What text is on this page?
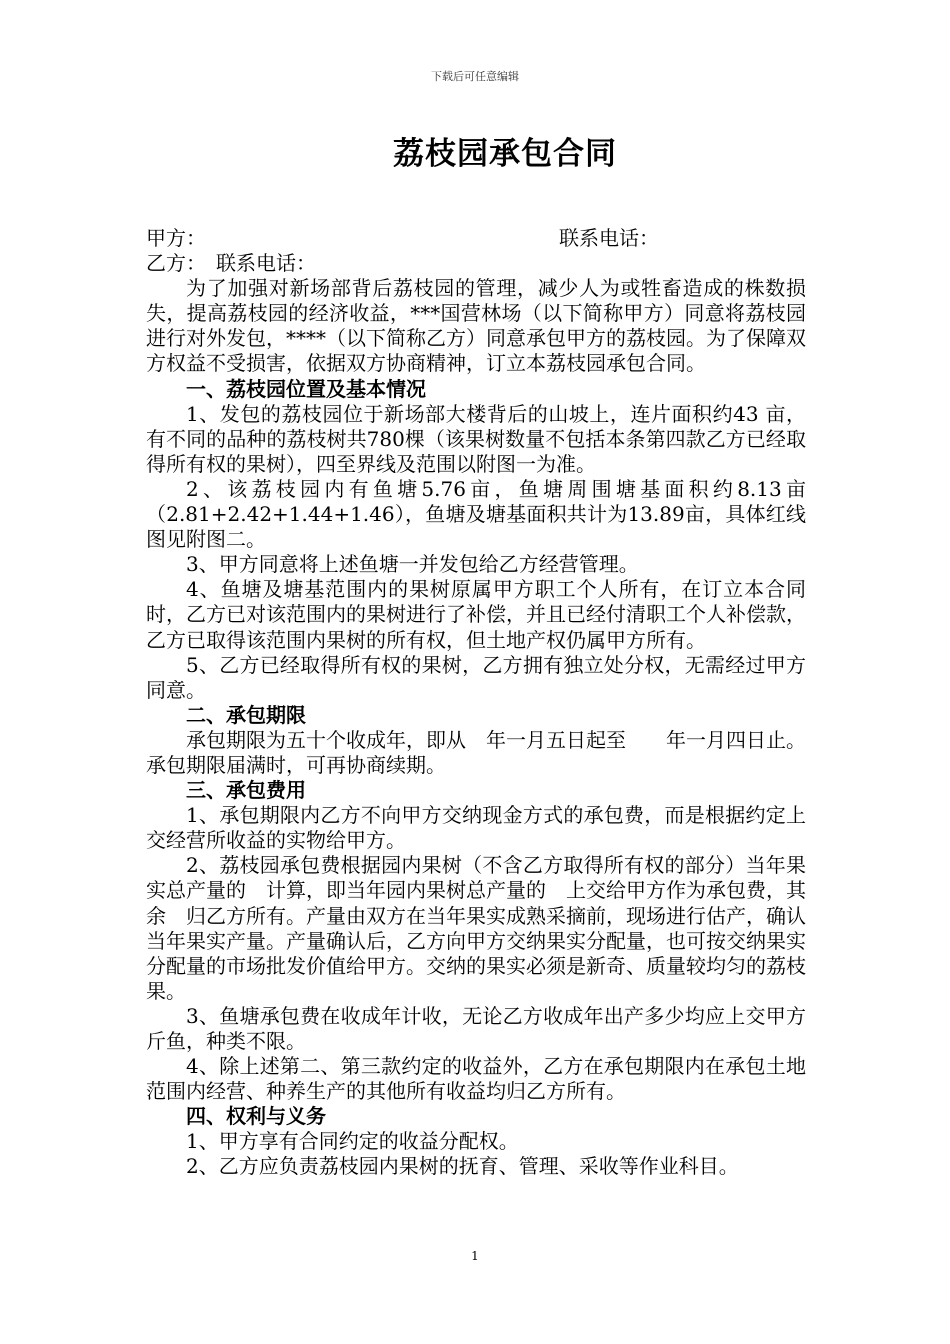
下载后可任意编辑
荔枝园承包合同
甲方：	联系电话：

乙方：　联系电话：

为了加强对新场部背后荔枝园的管理，减少人为或牲畜造成的株数损失，提高荔枝园的经济收益，***国营林场（以下简称甲方）同意将荔枝园进行对外发包，****（以下简称乙方）同意承包甲方的荔枝园。为了保障双方权益不受损害，依据双方协商精神，订立本荔枝园承包合同。

一、荔枝园位置及基本情况

1、发包的荔枝园位于新场部大楼背后的山坡上，连片面积约43 亩，有不同的品种的荔枝树共780棵（该果树数量不包括本条第四款乙方已经取得所有权的果树），四至界线及范围以附图一为准。

2、该荔枝园内有鱼塘5.76亩，鱼塘周围塘基面积约8.13亩（2.81+2.42+1.44+1.46），鱼塘及塘基面积共计为13.89亩，具体红线图见附图二。

3、甲方同意将上述鱼塘一并发包给乙方经营管理。

4、鱼塘及塘基范围内的果树原属甲方职工个人所有，在订立本合同时，乙方已对该范围内的果树进行了补偿，并且已经付清职工个人补偿款，乙方已取得该范围内果树的所有权，但土地产权仍属甲方所有。

5、乙方已经取得所有权的果树，乙方拥有独立处分权，无需经过甲方同意。

二、承包期限

承包期限为五十个收成年，即从　年一月五日起至　　年一月四日止。承包期限届满时，可再协商续期。

三、承包费用

1、承包期限内乙方不向甲方交纳现金方式的承包费，而是根据约定上交经营所收益的实物给甲方。

2、荔枝园承包费根据园内果树（不含乙方取得所有权的部分）当年果实总产量的　计算，即当年园内果树总产量的　上交给甲方作为承包费，其余　归乙方所有。产量由双方在当年果实成熟采摘前，现场进行估产，确认当年果实产量。产量确认后，乙方向甲方交纳果实分配量，也可按交纳果实分配量的市场批发价值给甲方。交纳的果实必须是新奇、质量较均匀的荔枝果。

3、鱼塘承包费在收成年计收，无论乙方收成年出产多少均应上交甲方　斤鱼，种类不限。

4、除上述第二、第三款约定的收益外，乙方在承包期限内在承包土地范围内经营、种养生产的其他所有收益均归乙方所有。

四、权利与义务

1、甲方享有合同约定的收益分配权。

2、乙方应负责荔枝园内果树的抚育、管理、采收等作业科目。

1
